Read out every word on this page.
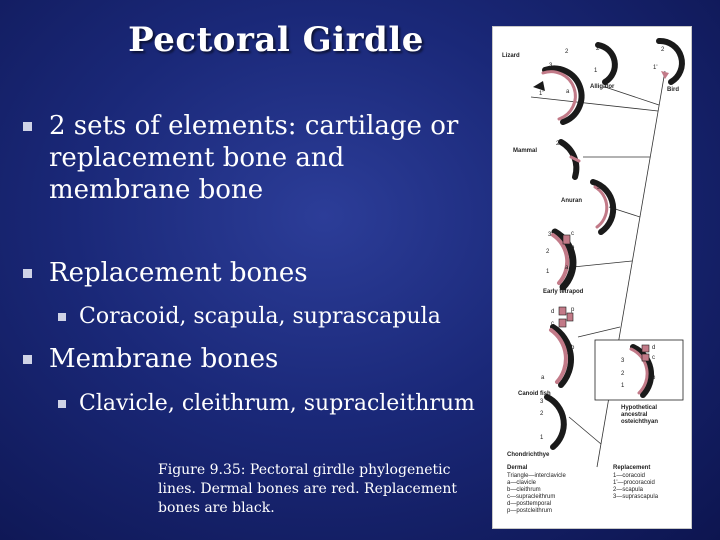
Pectoral Girdle
2 sets of elements: cartilage or replacement bone and membrane bone
Replacement bones
Coracoid, scapula, suprascapula
Membrane bones
Clavicle, cleithrum, supracleithrum
Figure 9.35: Pectoral girdle phylogenetic lines. Dermal bones are red. Replacement bones are black.
Lizard
2
3
1'	a
Alligator
2
1
Bird
2
1'
Mammal
2
Anuran
3
Early tetrapod
3	c
b
2
1
a
Canoid fish
d
c
p
b
a
3
2
1
d
c
b
Hypothetical ancestral osteichthyan
Chondrichthye
3
2
1
Dermal
Triangle—interclavicle
a—clavicle
b—cleithrum
c—supracleithrum
d—posttemporal
p—postcleithrum
Replacement
1—coracoid
1'—procoracoid
2—scapula
3—suprascapula
